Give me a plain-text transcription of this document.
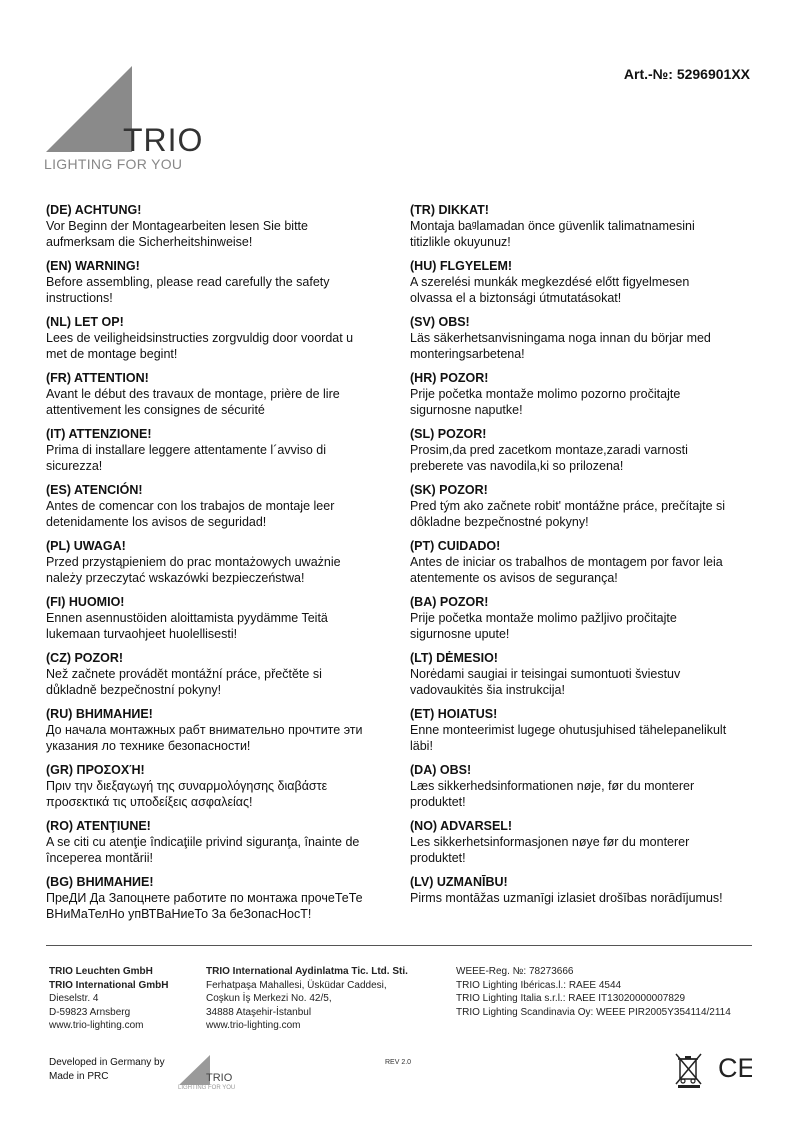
Art.-№: 5296901XX
TRIO
LIGHTING FOR YOU
(DE) ACHTUNG!
Vor Beginn der Montagearbeiten lesen Sie bitte
aufmerksam die Sicherheitshinweise!
(EN) WARNING!
Before assembling, please read carefully the safety
instructions!
(NL) LET OP!
Lees de veiligheidsinstructies zorgvuldig door voordat u
met de montage begint!
(FR) ATTENTION!
Avant le début des travaux de montage, prière de lire
attentivement les consignes de sécurité
(IT) ATTENZIONE!
Prima di installare leggere attentamente l´avviso di
sicurezza!
(ES) ATENCIÓN!
Antes de comencar con los trabajos de montaje leer
detenidamente los avisos de seguridad!
(PL) UWAGA!
Przed przystąpieniem do prac montażowych uważnie
należy przeczytać wskazówki bezpieczeństwa!
(FI) HUOMIO!
Ennen asennustöiden aloittamista pyydämme Teitä
lukemaan turvaohjeet huolellisesti!
(CZ) POZOR!
Než začnete provádět montážní práce, přečtěte si
důkladně bezpečnostní pokyny!
(RU) ВНИМАНИЕ!
До начала монтажных рабт внимательно прочтите эти
указания ло технике безопасности!
(GR) ΠΡΟΣΟΧΉ!
Πριν την διεξαγωγή της συναρμολόγησης διαβάστε
προσεκτικά τις υποδείξεις ασφαλείας!
(RO) ATENŢIUNE!
A se citi cu atenţie îndicaţiile privind siguranţa, înainte de
începerea montării!
(BG) ВНИМАНИЕ!
ПреДИ Да Запоцнете работите по монтажа прочеТеТе
ВНиМаТелНо упВТВаНиеТо За беЗопасНосТ!
(TR) DIKKAT!
Montaja baᵍlamadan önce güvenlik talimatnamesini
titizlikle okuyunuz!
(HU) FLGYELEM!
A szerelési munkák megkezdésé előtt figyelmesen
olvassa el a biztonsági útmutatásokat!
(SV) OBS!
Läs säkerhetsanvisningama noga innan du börjar med
monteringsarbetena!
(HR) POZOR!
Prije početka montaže molimo pozorno pročitajte
sigurnosne naputke!
(SL) POZOR!
Prosim,da pred zacetkom montaze,zaradi varnosti
preberete vas navodila,ki so prilozena!
(SK) POZOR!
Pred tým ako začnete robit' montážne práce, prečítajte si
dôkladne bezpečnostné pokyny!
(PT) CUIDADO!
Antes de iniciar os trabalhos de montagem por favor leia
atentemente os avisos de segurança!
(BA) POZOR!
Prije početka montaže molimo pažljivo pročitajte
sigurnosne upute!
(LT) DĖMESIO!
Norėdami saugiai ir teisingai sumontuoti šviestuv
vadovaukitės šia instrukcija!
(ET) HOIATUS!
Enne monteerimist lugege ohutusjuhised tähelepanelikult
läbi!
(DA) OBS!
Læs sikkerhedsinformationen nøje, før du monterer
produktet!
(NO) ADVARSEL!
Les sikkerhetsinformasjonen nøye før du monterer
produktet!
(LV) UZMANĪBU!
Pirms montāžas uzmanīgi izlasiet drošības norādījumus!
TRIO Leuchten GmbH
TRIO International GmbH
Dieselstr. 4
D-59823 Arnsberg
www.trio-lighting.com
TRIO International Aydinlatma Tic. Ltd. Sti.
Ferhatpaşa Mahallesi, Üsküdar Caddesi,
Coşkun İş Merkezi No. 42/5,
34888 Ataşehir-İstanbul
www.trio-lighting.com
WEEE-Reg. №: 78273666
TRIO Lighting Ibéricas.l.: RAEE 4544
TRIO Lighting Italia s.r.l.: RAEE IT13020000007829
TRIO Lighting Scandinavia Oy: WEEE PIR2005Y354114/2114
Developed in Germany by
Made in PRC	TRIO
LIGHTING FOR YOU
REV 2.0	CE
